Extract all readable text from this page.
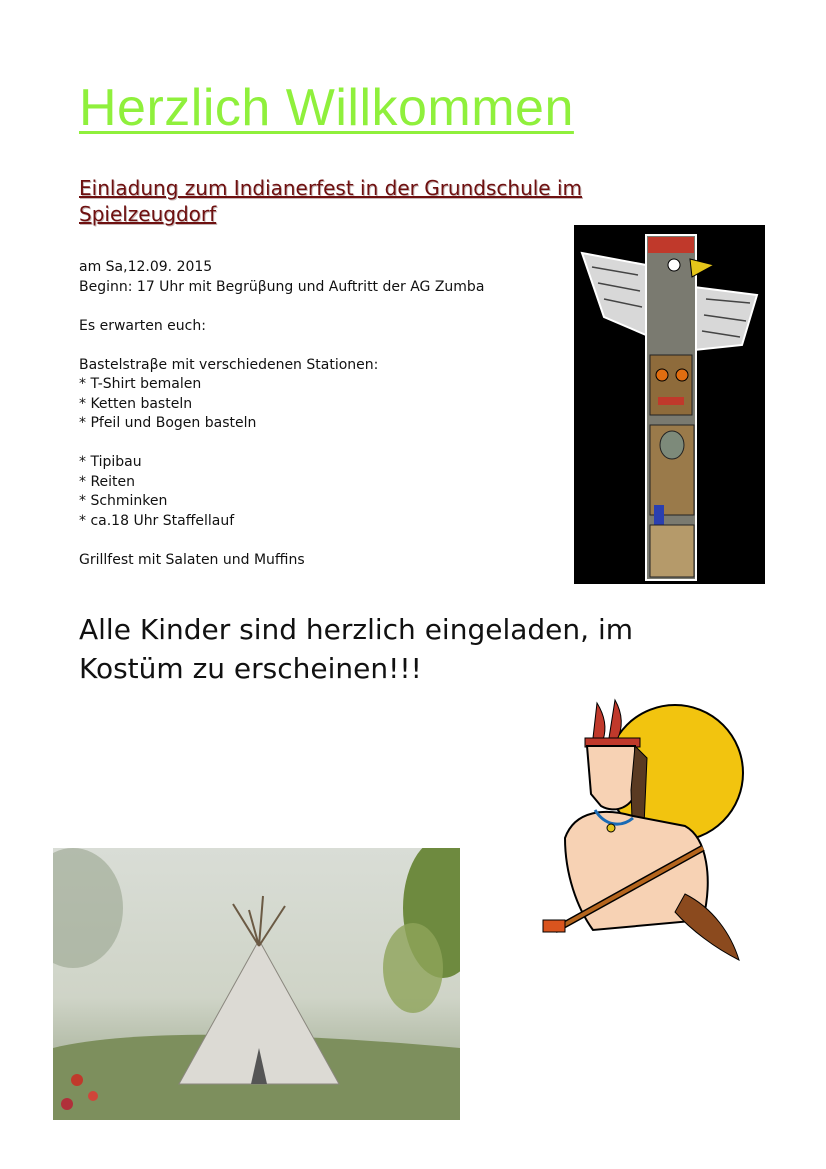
Herzlich Willkommen
Einladung zum Indianerfest in der Grundschule im Spielzeugdorf
am Sa,12.09. 2015
Beginn: 17 Uhr mit Begrüβung und Auftritt der AG Zumba
Es erwarten euch:
Bastelstraβe mit verschiedenen Stationen:
* T-Shirt bemalen
* Ketten basteln
* Pfeil und Bogen basteln
* Tipibau
* Reiten
* Schminken
* ca.18 Uhr Staffellauf
Grillfest mit Salaten und Muffins

Alle Kinder sind herzlich eingeladen, im Kostüm zu erscheinen!!!
